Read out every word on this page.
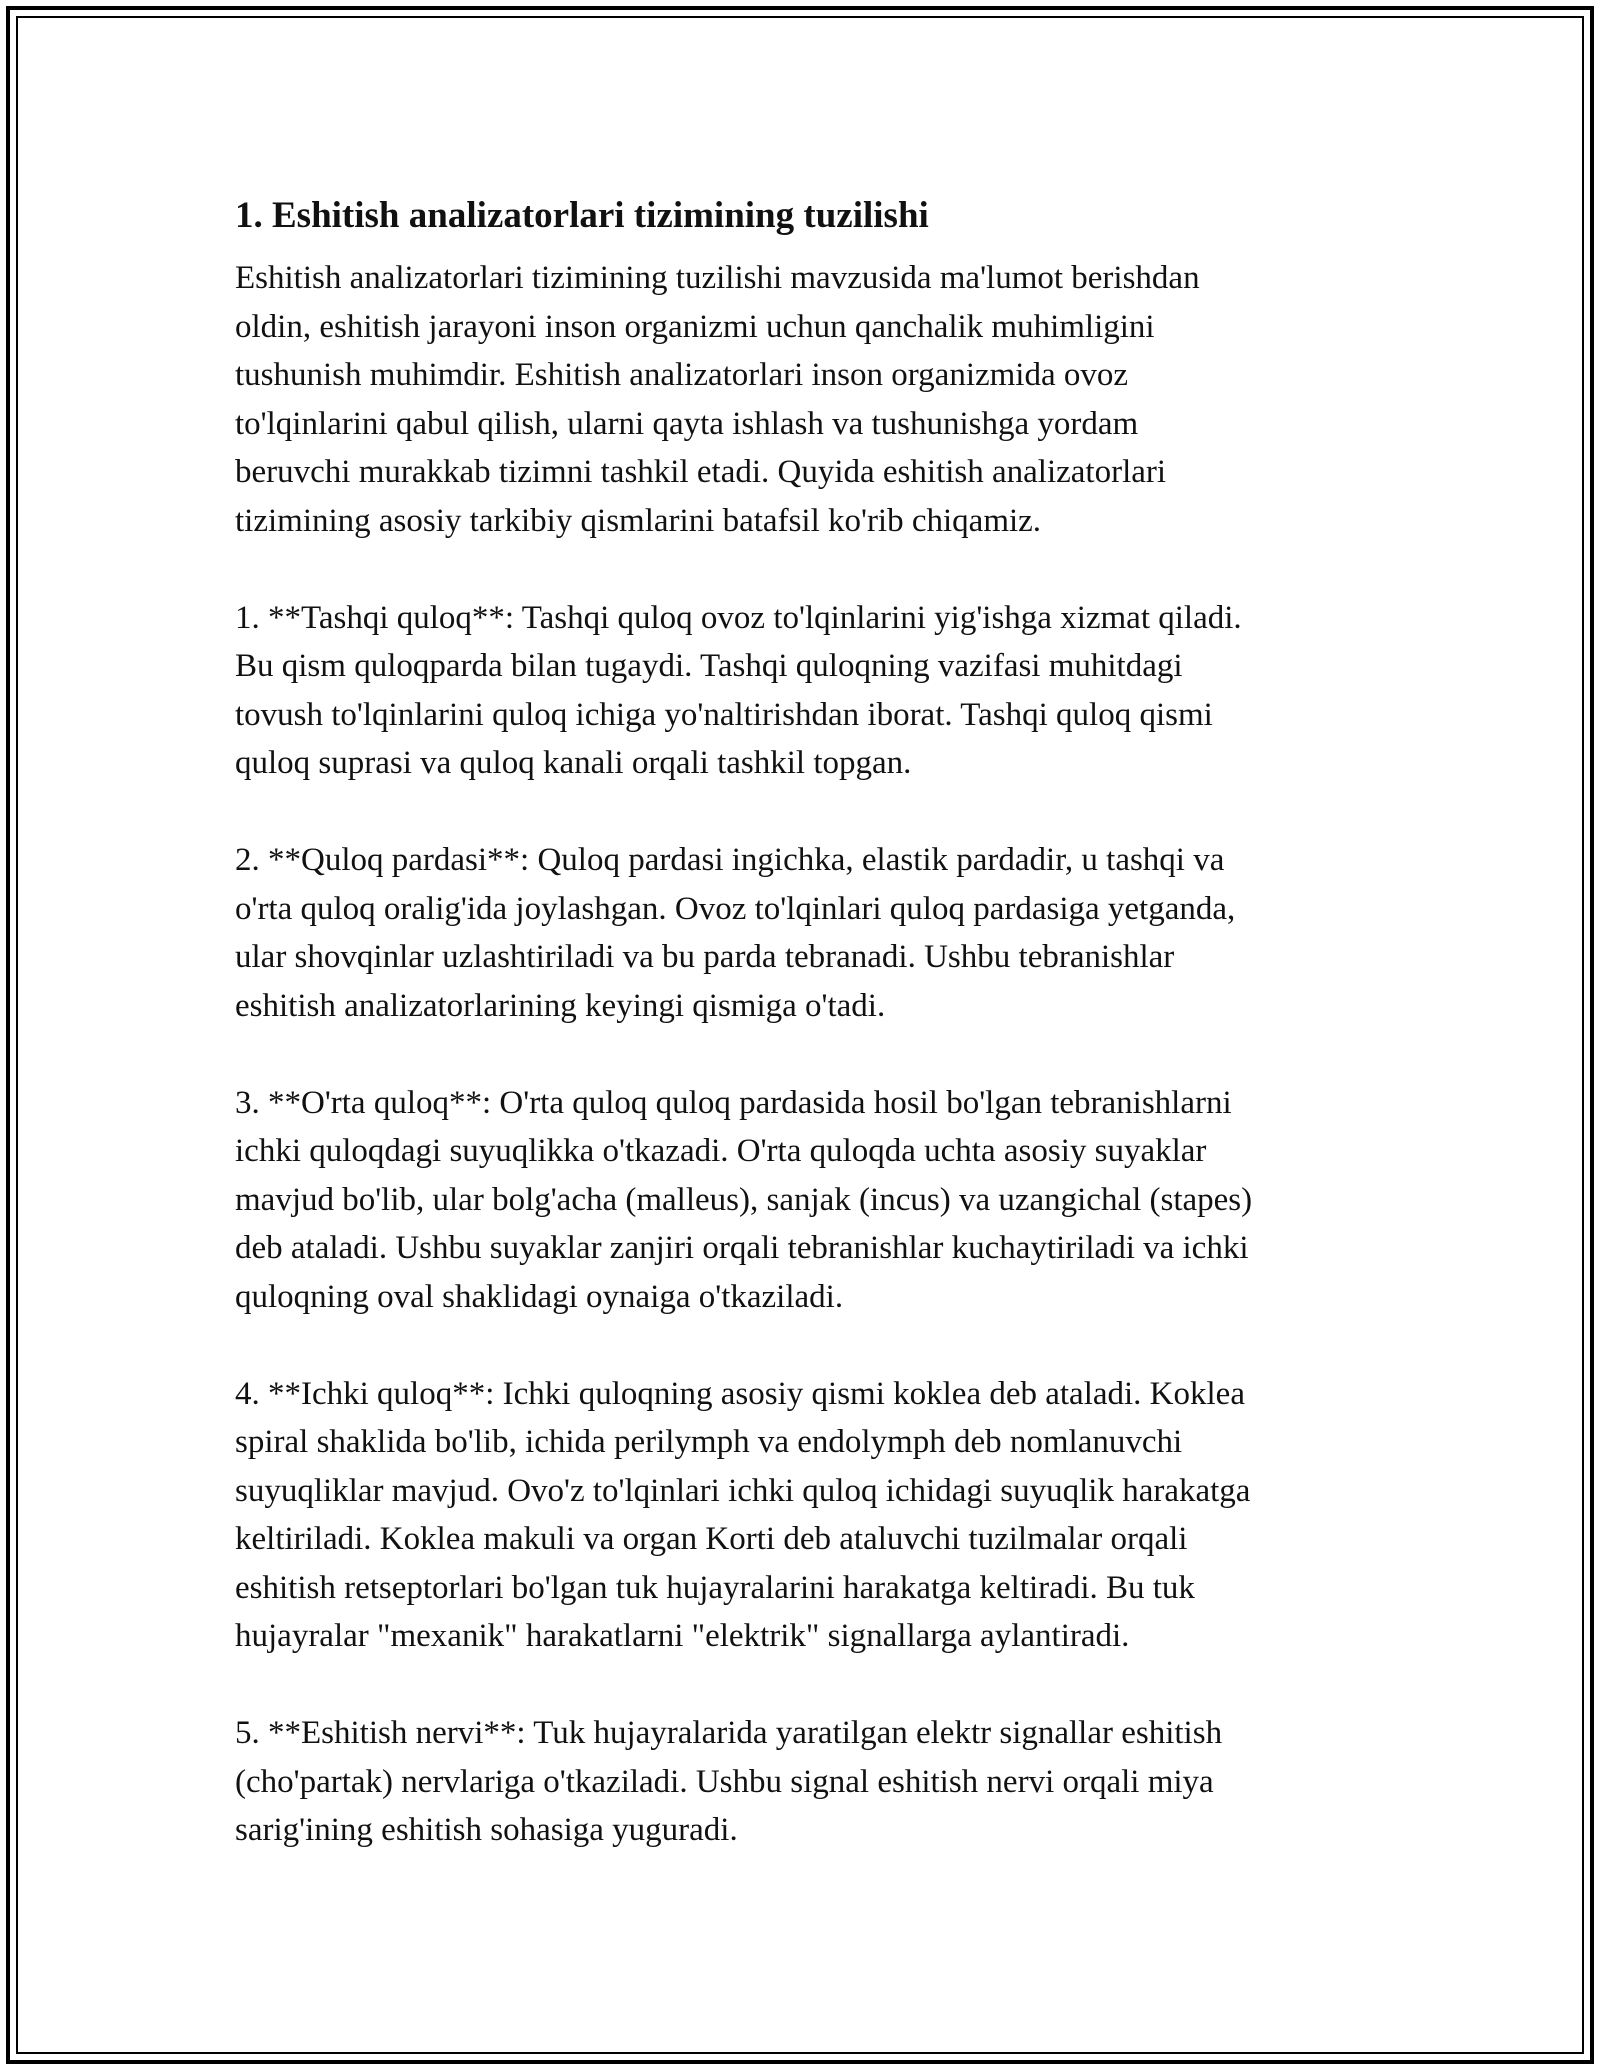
1. Eshitish analizatorlari tizimining tuzilishi

Eshitish analizatorlari tizimining tuzilishi mavzusida ma'lumot berishdan
oldin, eshitish jarayoni inson organizmi uchun qanchalik muhimligini
tushunish muhimdir. Eshitish analizatorlari inson organizmida ovoz
to'lqinlarini qabul qilish, ularni qayta ishlash va tushunishga yordam
beruvchi murakkab tizimni tashkil etadi. Quyida eshitish analizatorlari
tizimining asosiy tarkibiy qismlarini batafsil ko'rib chiqamiz.

1. **Tashqi quloq**: Tashqi quloq ovoz to'lqinlarini yig'ishga xizmat qiladi.
Bu qism quloqparda bilan tugaydi. Tashqi quloqning vazifasi muhitdagi
tovush to'lqinlarini quloq ichiga yo'naltirishdan iborat. Tashqi quloq qismi
quloq suprasi va quloq kanali orqali tashkil topgan.

2. **Quloq pardasi**: Quloq pardasi ingichka, elastik pardadir, u tashqi va
o'rta quloq oralig'ida joylashgan. Ovoz to'lqinlari quloq pardasiga yetganda,
ular shovqinlar uzlashtiriladi va bu parda tebranadi. Ushbu tebranishlar
eshitish analizatorlarining keyingi qismiga o'tadi.

3. **O'rta quloq**: O'rta quloq quloq pardasida hosil bo'lgan tebranishlarni
ichki quloqdagi suyuqlikka o'tkazadi. O'rta quloqda uchta asosiy suyaklar
mavjud bo'lib, ular bolg'acha (malleus), sanjak (incus) va uzangichal (stapes)
deb ataladi. Ushbu suyaklar zanjiri orqali tebranishlar kuchaytiriladi va ichki
quloqning oval shaklidagi oynaiga o'tkaziladi.

4. **Ichki quloq**: Ichki quloqning asosiy qismi koklea deb ataladi. Koklea
spiral shaklida bo'lib, ichida perilymph va endolymph deb nomlanuvchi
suyuqliklar mavjud. Ovo'z to'lqinlari ichki quloq ichidagi suyuqlik harakatga
keltiriladi. Koklea makuli va organ Korti deb ataluvchi tuzilmalar orqali
eshitish retseptorlari bo'lgan tuk hujayralarini harakatga keltiradi. Bu tuk
hujayralar "mexanik" harakatlarni "elektrik" signallarga aylantiradi.

5. **Eshitish nervi**: Tuk hujayralarida yaratilgan elektr signallar eshitish
(cho'partak) nervlariga o'tkaziladi. Ushbu signal eshitish nervi orqali miya
sarig'ining eshitish sohasiga yuguradi.
